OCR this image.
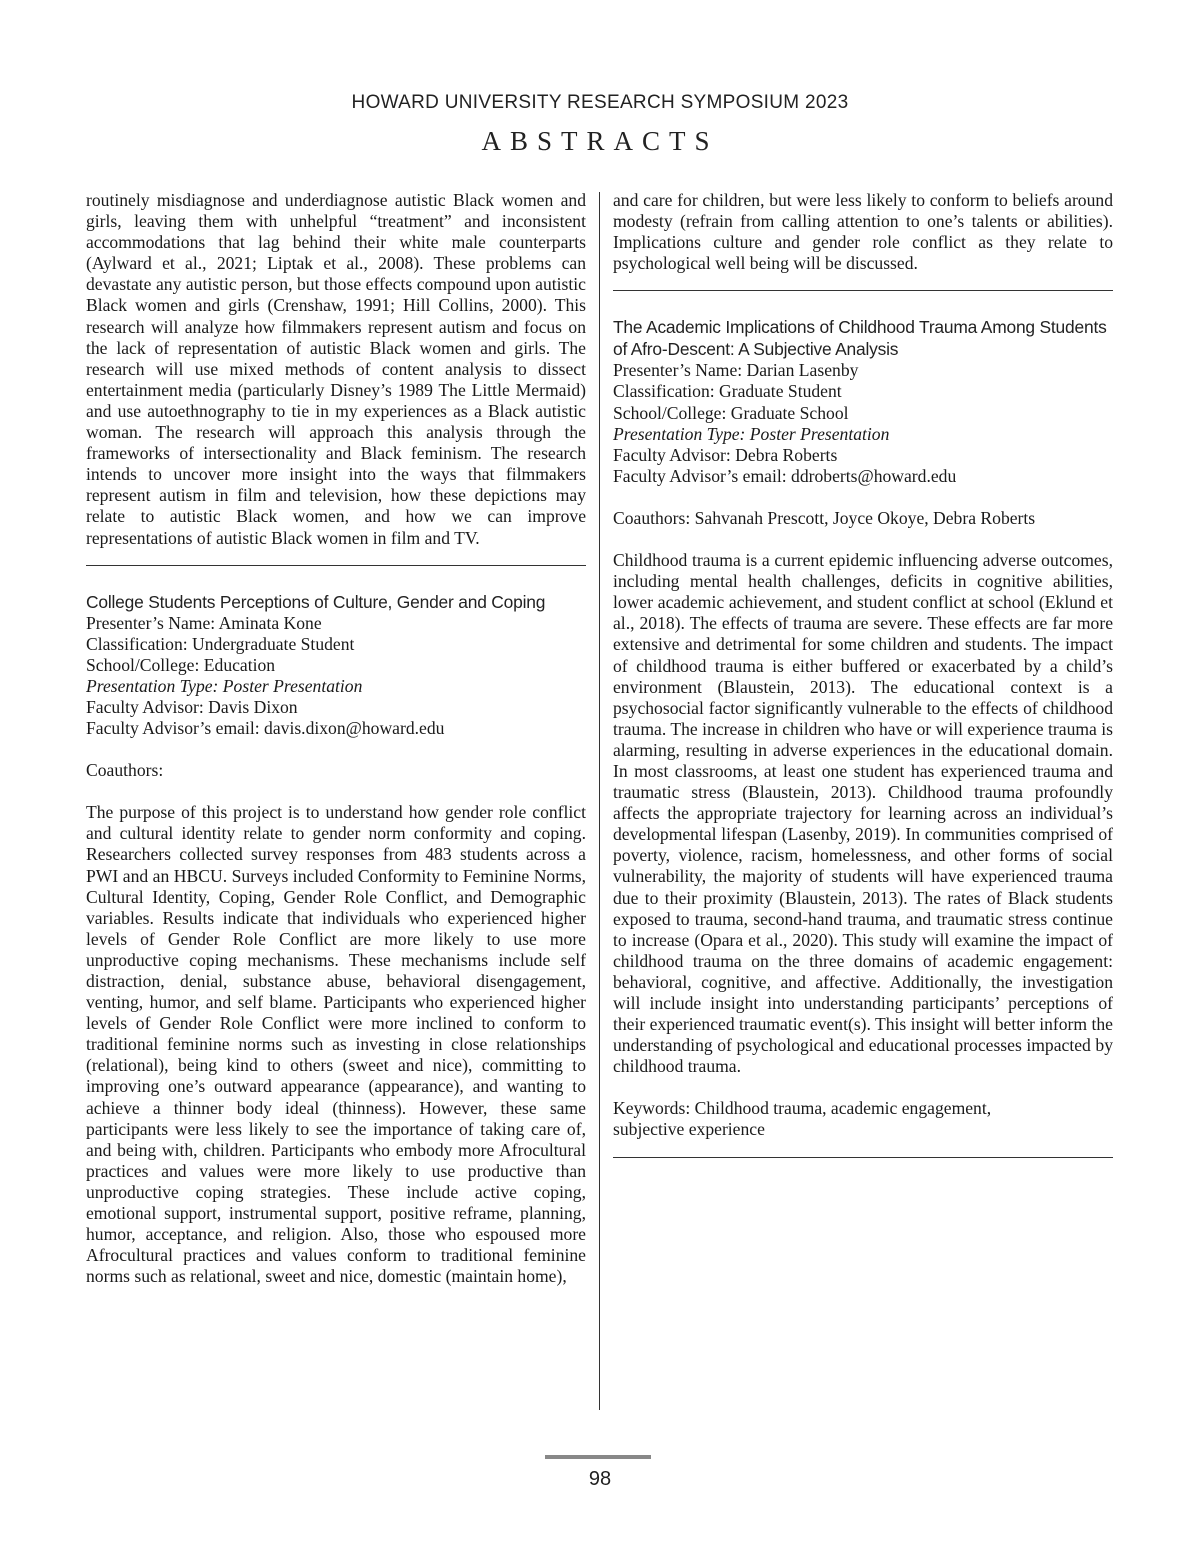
HOWARD UNIVERSITY RESEARCH SYMPOSIUM 2023
ABSTRACTS

routinely misdiagnose and underdiagnose autistic Black women and girls, leaving them with unhelpful “treatment” and inconsistent accommodations that lag behind their white male counterparts (Aylward et al., 2021; Liptak et al., 2008). These problems can devastate any autistic person, but those effects compound upon autistic Black women and girls (Crenshaw, 1991; Hill Collins, 2000). This research will analyze how filmmakers represent autism and focus on the lack of representation of autistic Black women and girls. The research will use mixed methods of content analysis to dissect entertainment media (particularly Disney’s 1989 The Little Mermaid) and use autoethnography to tie in my experiences as a Black autistic woman. The research will approach this analysis through the frameworks of intersectionality and Black feminism. The research intends to uncover more insight into the ways that filmmakers represent autism in film and television, how these depictions may relate to autistic Black women, and how we can improve representations of autistic Black women in film and TV.

College Students Perceptions of Culture, Gender and Coping
Presenter’s Name: Aminata Kone
Classification: Undergraduate Student
School/College: Education
Presentation Type: Poster Presentation
Faculty Advisor: Davis Dixon
Faculty Advisor’s email: davis.dixon@howard.edu

Coauthors:

The purpose of this project is to understand how gender role conflict and cultural identity relate to gender norm conformity and coping. Researchers collected survey responses from 483 students across a PWI and an HBCU. Surveys included Conformity to Feminine Norms, Cultural Identity, Coping, Gender Role Conflict, and Demographic variables. Results indicate that individuals who experienced higher levels of Gender Role Conflict are more likely to use more unproductive coping mechanisms. These mechanisms include self distraction, denial, substance abuse, behavioral disengagement, venting, humor, and self blame. Participants who experienced higher levels of Gender Role Conflict were more inclined to conform to traditional feminine norms such as investing in close relationships (relational), being kind to others (sweet and nice), committing to improving one’s outward appearance (appearance), and wanting to achieve a thinner body ideal (thinness). However, these same participants were less likely to see the importance of taking care of, and being with, children. Participants who embody more Afrocultural practices and values were more likely to use productive than unproductive coping strategies. These include active coping, emotional support, instrumental support, positive reframe, planning, humor, acceptance, and religion. Also, those who espoused more Afrocultural practices and values conform to traditional feminine norms such as relational, sweet and nice, domestic (maintain home),

and care for children, but were less likely to conform to beliefs around modesty (refrain from calling attention to one’s talents or abilities). Implications culture and gender role conflict as they relate to psychological well being will be discussed.

The Academic Implications of Childhood Trauma Among Students of Afro-Descent: A Subjective Analysis
Presenter’s Name: Darian Lasenby
Classification: Graduate Student
School/College: Graduate School
Presentation Type: Poster Presentation
Faculty Advisor: Debra Roberts
Faculty Advisor’s email: ddroberts@howard.edu

Coauthors: Sahvanah Prescott, Joyce Okoye, Debra Roberts

Childhood trauma is a current epidemic influencing adverse outcomes, including mental health challenges, deficits in cognitive abilities, lower academic achievement, and student conflict at school (Eklund et al., 2018). The effects of trauma are severe. These effects are far more extensive and detrimental for some children and students. The impact of childhood trauma is either buffered or exacerbated by a child’s environment (Blaustein, 2013). The educational context is a psychosocial factor significantly vulnerable to the effects of childhood trauma. The increase in children who have or will experience trauma is alarming, resulting in adverse experiences in the educational domain. In most classrooms, at least one student has experienced trauma and traumatic stress (Blaustein, 2013). Childhood trauma profoundly affects the appropriate trajectory for learning across an individual’s developmental lifespan (Lasenby, 2019). In communities comprised of poverty, violence, racism, homelessness, and other forms of social vulnerability, the majority of students will have experienced trauma due to their proximity (Blaustein, 2013). The rates of Black students exposed to trauma, second-hand trauma, and traumatic stress continue to increase (Opara et al., 2020). This study will examine the impact of childhood trauma on the three domains of academic engagement: behavioral, cognitive, and affective. Additionally, the investigation will include insight into understanding participants’ perceptions of their experienced traumatic event(s). This insight will better inform the understanding of psychological and educational processes impacted by childhood trauma.

Keywords: Childhood trauma, academic engagement, subjective experience

98
